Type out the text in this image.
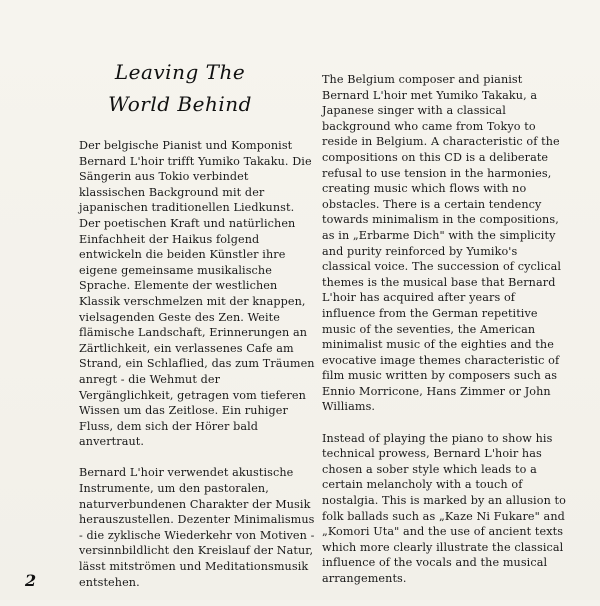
Leaving The
World Behind

Der belgische Pianist und Komponist Bernard L'hoir trifft Yumiko Takaku. Die Sängerin aus Tokio verbindet klassischen Background mit der japanischen traditionellen Liedkunst. Der poetischen Kraft und natürlichen Einfachheit der Haikus folgend entwickeln die beiden Künstler ihre eigene gemeinsame musikalische Sprache. Elemente der westlichen Klassik verschmelzen mit der knappen, vielsagenden Geste des Zen. Weite flämische Landschaft, Erinnerungen an Zärtlichkeit, ein verlassenes Cafe am Strand, ein Schlaflied, das zum Träumen anregt - die Wehmut der Vergänglichkeit, getragen vom tieferen Wissen um das Zeitlose. Ein ruhiger Fluss, dem sich der Hörer bald anvertraut.

Bernard L'hoir verwendet akustische Instrumente, um den pastoralen, naturverbundenen Charakter der Musik herauszustellen. Dezenter Minimalismus - die zyklische Wiederkehr von Motiven - versinnbildlicht den Kreislauf der Natur, lässt mitströmen und Meditationsmusik entstehen.

The Belgium composer and pianist Bernard L'hoir met Yumiko Takaku, a Japanese singer with a classical background who came from Tokyo to reside in Belgium. A characteristic of the compositions on this CD is a deliberate refusal to use tension in the harmonies, creating music which flows with no obstacles. There is a certain tendency towards minimalism in the compositions, as in „Erbarme Dich" with the simplicity and purity reinforced by Yumiko's classical voice. The succession of cyclical themes is the musical base that Bernard L'hoir has acquired after years of influence from the German repetitive music of the seventies, the American minimalist music of the eighties and the evocative image themes characteristic of film music written by composers such as Ennio Morricone, Hans Zimmer or John Williams.

Instead of playing the piano to show his technical prowess, Bernard L'hoir has chosen a sober style which leads to a certain melancholy with a touch of nostalgia. This is marked by an allusion to folk ballads such as „Kaze Ni Fukare" and „Komori Uta" and the use of ancient texts which more clearly illustrate the classical influence of the vocals and the musical arrangements.

2
